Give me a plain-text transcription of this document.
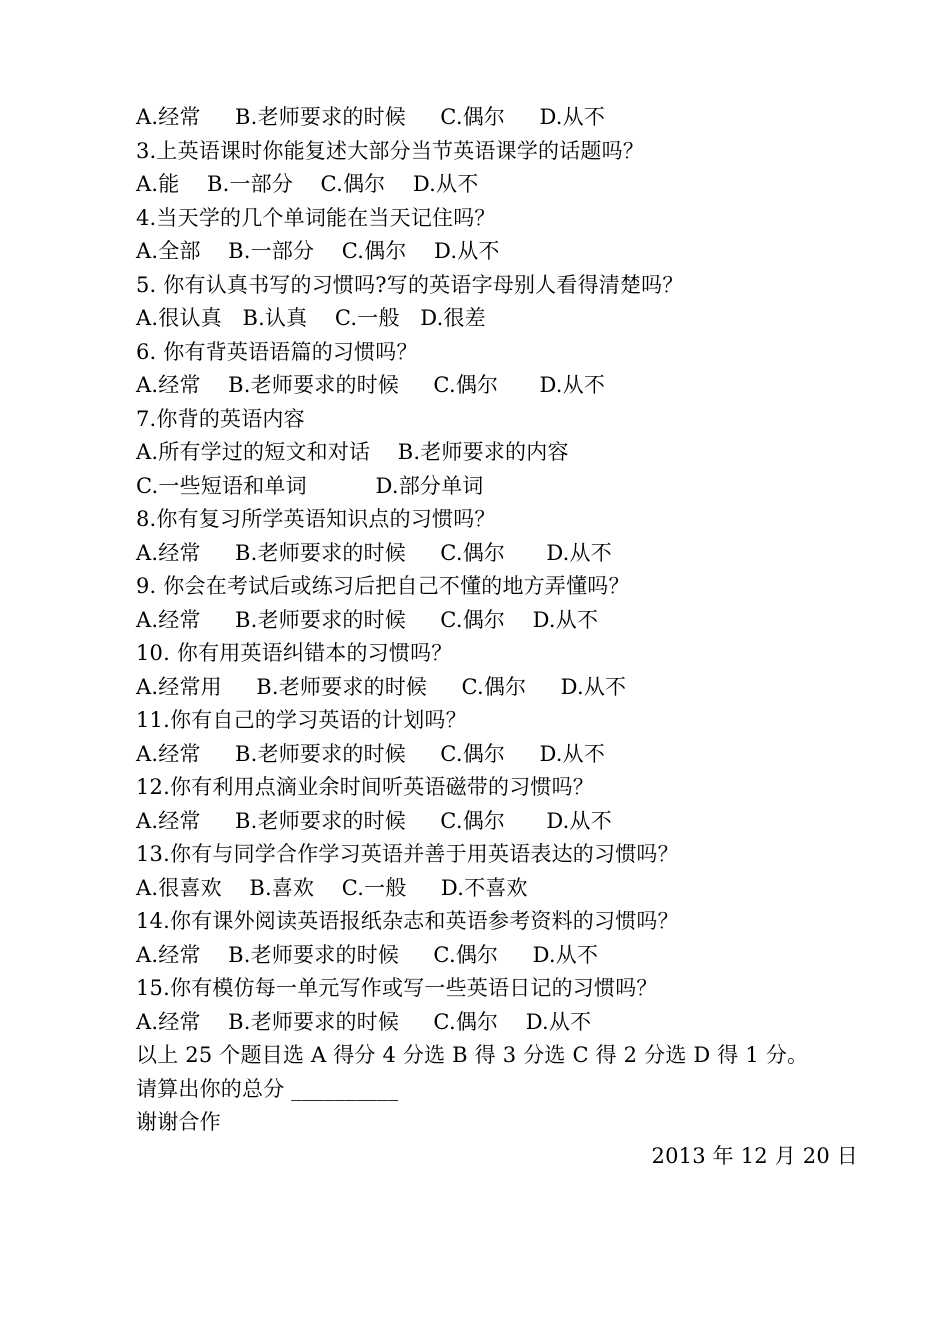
A.经常     B.老师要求的时候     C.偶尔     D.从不
3.上英语课时你能复述大部分当节英语课学的话题吗？
A.能    B.一部分    C.偶尔    D.从不
4.当天学的几个单词能在当天记住吗？
A.全部    B.一部分    C.偶尔    D.从不
5. 你有认真书写的习惯吗?写的英语字母别人看得清楚吗？
A.很认真   B.认真    C.一般   D.很差
6. 你有背英语语篇的习惯吗？
A.经常    B.老师要求的时候     C.偶尔      D.从不
7.你背的英语内容
A.所有学过的短文和对话    B.老师要求的内容
C.一些短语和单词          D.部分单词
8.你有复习所学英语知识点的习惯吗？
A.经常     B.老师要求的时候     C.偶尔      D.从不
9. 你会在考试后或练习后把自己不懂的地方弄懂吗？
A.经常     B.老师要求的时候     C.偶尔    D.从不
10. 你有用英语纠错本的习惯吗？
A.经常用     B.老师要求的时候     C.偶尔     D.从不
11.你有自己的学习英语的计划吗？
A.经常     B.老师要求的时候     C.偶尔     D.从不
12.你有利用点滴业余时间听英语磁带的习惯吗？
A.经常     B.老师要求的时候     C.偶尔      D.从不
13.你有与同学合作学习英语并善于用英语表达的习惯吗？
A.很喜欢    B.喜欢    C.一般     D.不喜欢
14.你有课外阅读英语报纸杂志和英语参考资料的习惯吗？
A.经常    B.老师要求的时候     C.偶尔     D.从不
15.你有模仿每一单元写作或写一些英语日记的习惯吗？
A.经常    B.老师要求的时候     C.偶尔    D.从不
以上 25 个题目选 A 得分 4 分选 B 得 3 分选 C 得 2 分选 D 得 1 分。
请算出你的总分 __________
谢谢合作
2013 年 12 月 20 日
